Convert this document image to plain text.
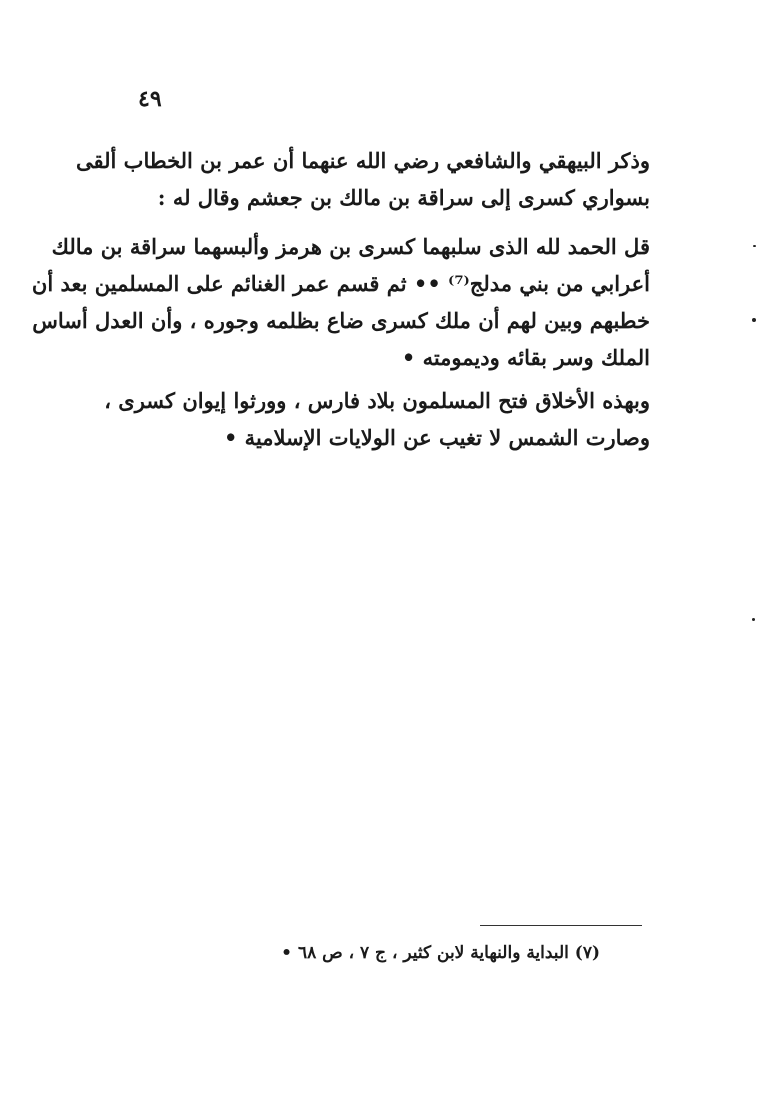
٤٩
وذكر البيهقي والشافعي رضي الله عنهما أن عمر بن الخطاب ألقى
بسواري كسرى إلى سراقة بن مالك بن جعشم وقال له :
قل الحمد لله الذى سلبهما كسرى بن هرمز وألبسهما سراقة بن مالك
أعرابي من بني مدلج⁽⁷⁾ •• ثم قسم عمر الغنائم على المسلمين بعد أن
خطبهم وبين لهم أن ملك كسرى ضاع بظلمه وجوره ، وأن العدل أساس
الملك وسر بقائه وديمومته •
وبهذه الأخلاق فتح المسلمون بلاد فارس ، وورثوا إيوان كسرى ،
وصارت الشمس لا تغيب عن الولايات الإسلامية •
(٧) البداية والنهاية لابن كثير ، ج ٧ ، ص ٦٨ •
